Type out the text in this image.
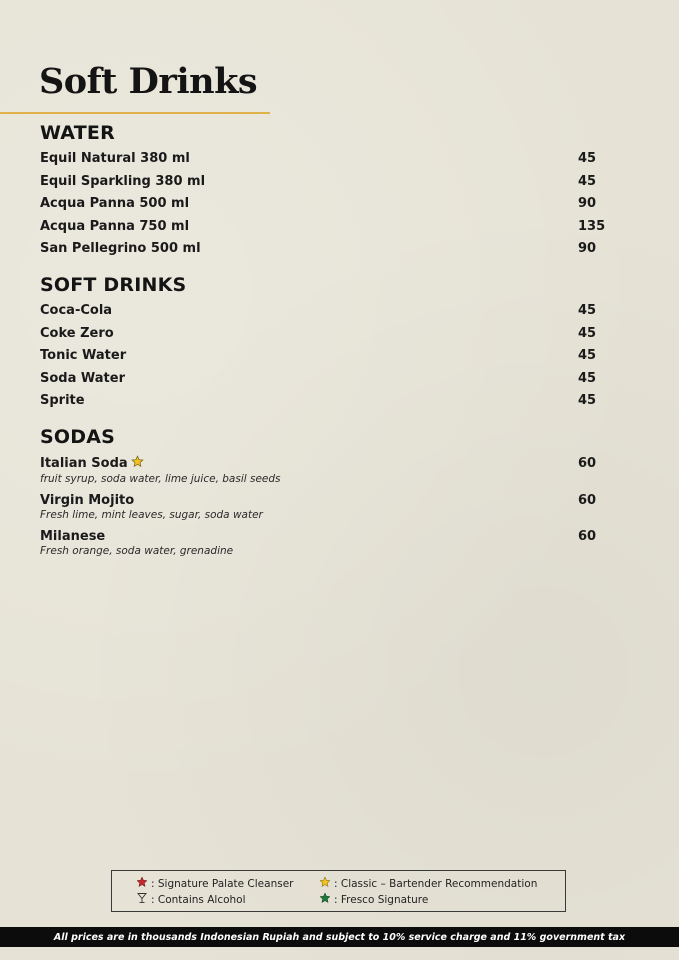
Soft Drinks
WATER
Equil Natural 380 ml	45
Equil Sparkling 380 ml	45
Acqua Panna 500 ml	90
Acqua Panna 750 ml	135
San Pellegrino 500 ml	90
SOFT DRINKS
Coca-Cola	45
Coke Zero	45
Tonic Water	45
Soda Water	45
Sprite	45
SODAS
Italian Soda	60
fruit syrup, soda water, lime juice, basil seeds
Virgin Mojito	60
Fresh lime, mint leaves, sugar, soda water
Milanese	60
Fresh orange, soda water, grenadine
: Signature Palate Cleanser	: Classic – Bartender Recommendation
: Contains Alcohol	: Fresco Signature
All prices are in thousands Indonesian Rupiah and subject to 10% service charge and 11% government tax
